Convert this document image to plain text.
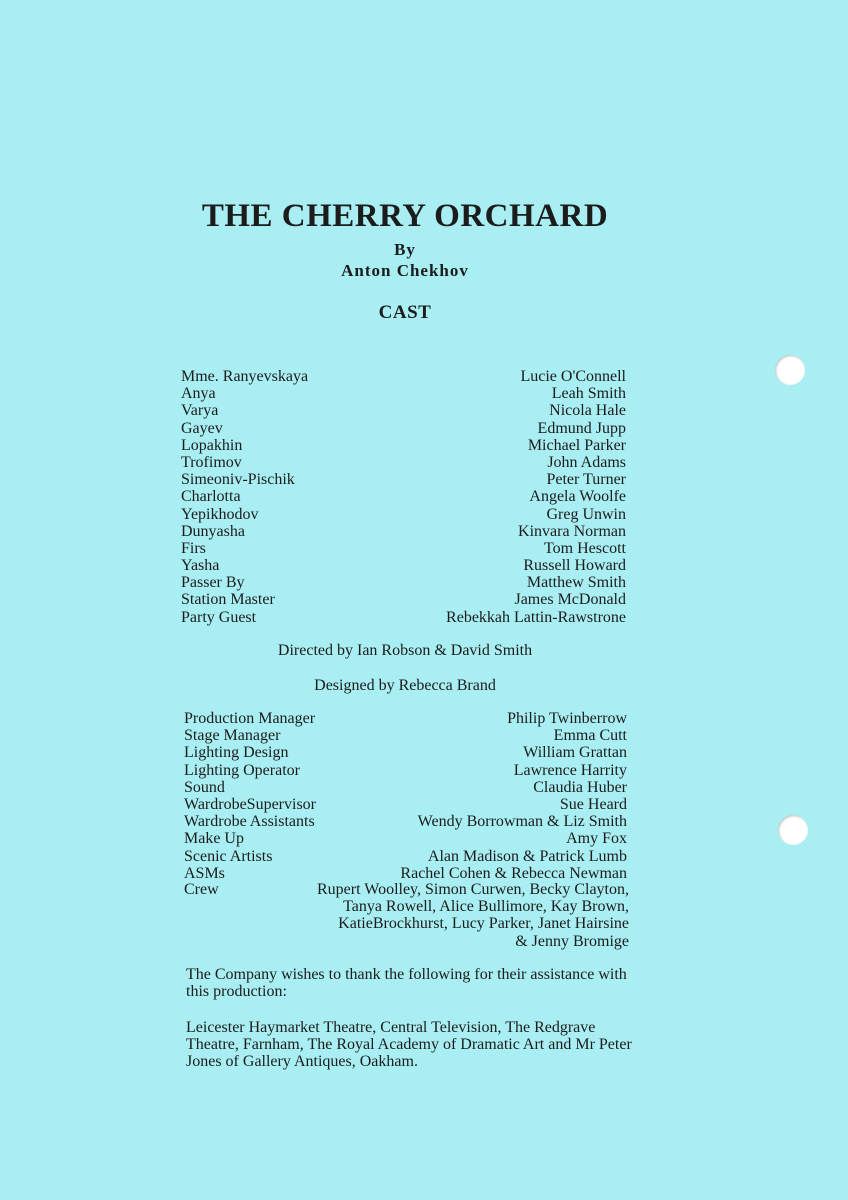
THE CHERRY ORCHARD
By
Anton Chekhov
CAST
Mme. Ranyevskaya	Lucie O'Connell
Anya	Leah Smith
Varya	Nicola Hale
Gayev	Edmund Jupp
Lopakhin	Michael Parker
Trofimov	John Adams
Simeoniv-Pischik	Peter Turner
Charlotta	Angela Woolfe
Yepikhodov	Greg Unwin
Dunyasha	Kinvara Norman
Firs	Tom Hescott
Yasha	Russell Howard
Passer By	Matthew Smith
Station Master	James McDonald
Party Guest	Rebekkah Lattin-Rawstrone
Directed by Ian Robson & David Smith
Designed by Rebecca Brand
Production Manager	Philip Twinberrow
Stage Manager	Emma Cutt
Lighting Design	William Grattan
Lighting Operator	Lawrence Harrity
Sound	Claudia Huber
WardrobeSupervisor	Sue Heard
Wardrobe Assistants	Wendy Borrowman & Liz Smith
Make Up	Amy Fox
Scenic Artists	Alan Madison & Patrick Lumb
ASMs	Rachel Cohen & Rebecca Newman
Crew	Rupert Woolley, Simon Curwen, Becky Clayton,
Tanya Rowell, Alice Bullimore, Kay Brown,
KatieBrockhurst, Lucy Parker, Janet Hairsine
& Jenny Bromige

The Company wishes to thank the following for their assistance with this production:

Leicester Haymarket Theatre, Central Television, The Redgrave Theatre, Farnham, The Royal Academy of Dramatic Art and Mr Peter Jones of Gallery Antiques, Oakham.
